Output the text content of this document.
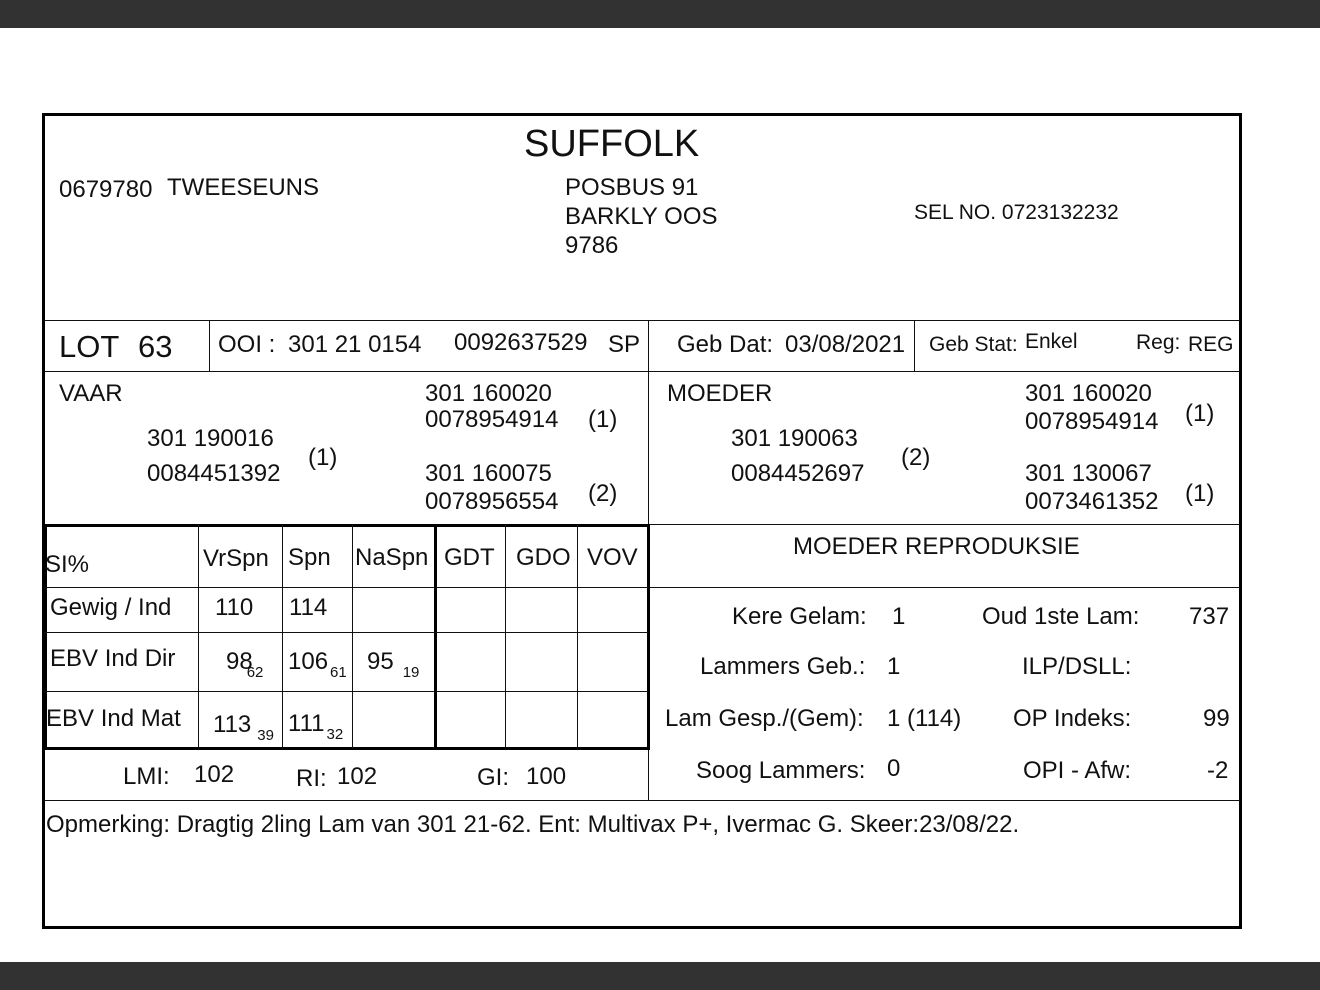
SUFFOLK
0679780 TWEESEUNS	POSBUS 91
BARKLY OOS
9786
SEL NO. 0723132232
LOT 63 OOI : 301 21 0154 0092637529 SP Geb Dat: 03/08/2021 Geb Stat: Enkel	Reg: REG
VAAR
301 190016
0084451392
(1)
301 160020
0078954914 (1)
301 160075
0078956554 (2)
MOEDER
301 190063
0084452697
(2)
301 160020
0078954914 (1)
301 130067
0073461352 (1)
SI%	VrSpn Spn NaSpn GDT GDO VOV
Gewig / Ind 110 114
EBV Ind Dir $98_{62}$ 106 $_{61}$ 95 $_{19}$
EBV Ind Mat 113 $_{39}$ 111 $_{32}$
LMI: 102	RI: 102	GI: 100
MOEDER REPRODUKSIE
Kere Gelam: 1	Oud 1ste Lam: 737
Lammers Geb.: 1	ILP/DSLL:
Lam Gesp./(Gem): 1 (114) OP Indeks:	99
Soog Lammers: 0	OPI - Afw:	-2
Opmerking: Dragtig 2ling Lam van 301 21-62. Ent: Multivax P+, Ivermac G. Skeer:23/08/22.
